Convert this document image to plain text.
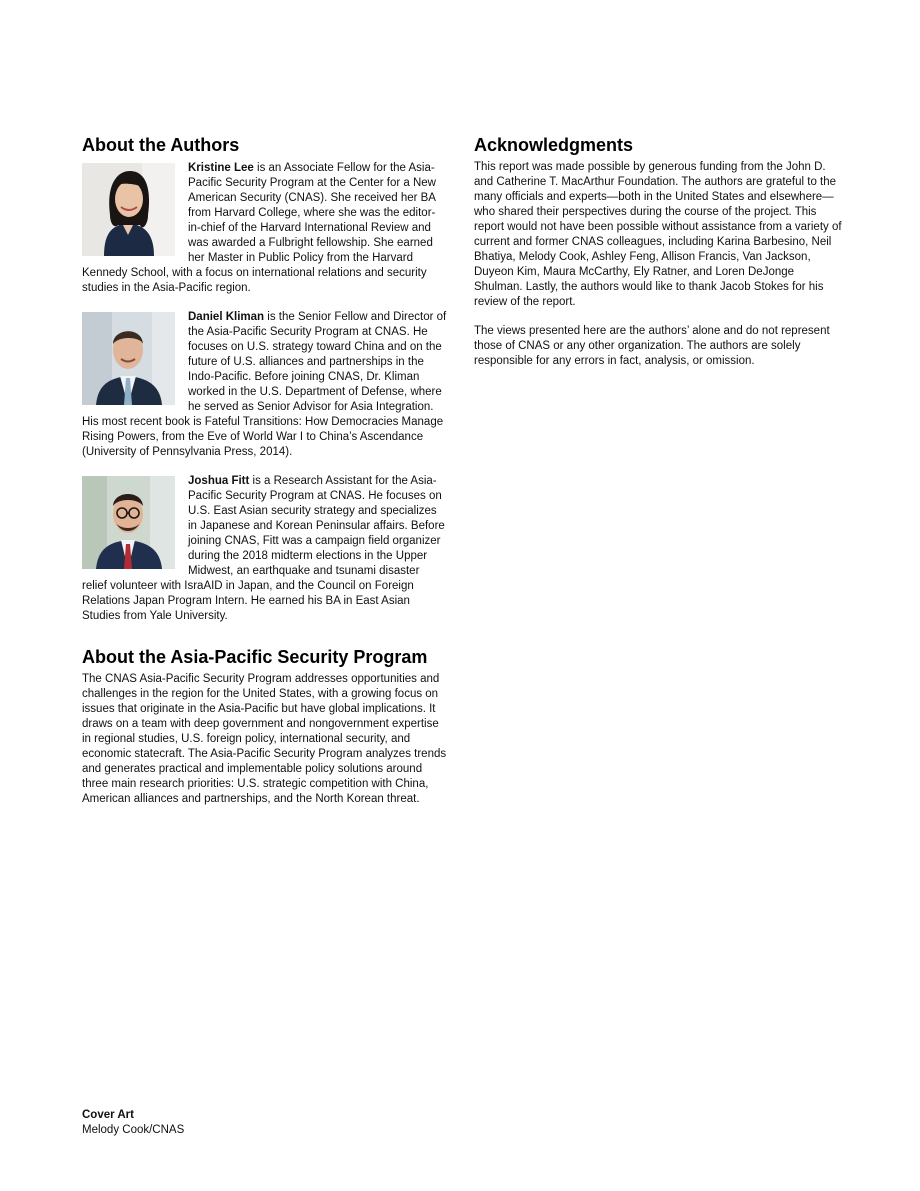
About the Authors

Kristine Lee is an Associate Fellow for the Asia-Pacific Security Program at the Center for a New American Security (CNAS). She received her BA from Harvard College, where she was the editor-in-chief of the Harvard International Review and was awarded a Fulbright fellowship. She earned her Master in Public Policy from the Harvard Kennedy School, with a focus on international relations and security studies in the Asia-Pacific region.

Daniel Kliman is the Senior Fellow and Director of the Asia-Pacific Security Program at CNAS. He focuses on U.S. strategy toward China and on the future of U.S. alliances and partnerships in the Indo-Pacific. Before joining CNAS, Dr. Kliman worked in the U.S. Department of Defense, where he served as Senior Advisor for Asia Integration. His most recent book is Fateful Transitions: How Democracies Manage Rising Powers, from the Eve of World War I to China’s Ascendance (University of Pennsylvania Press, 2014).

Joshua Fitt is a Research Assistant for the Asia-Pacific Security Program at CNAS. He focuses on U.S. East Asian security strategy and specializes in Japanese and Korean Peninsular affairs. Before joining CNAS, Fitt was a campaign field organizer during the 2018 midterm elections in the Upper Midwest, an earthquake and tsunami disaster relief volunteer with IsraAID in Japan, and the Council on Foreign Relations Japan Program Intern. He earned his BA in East Asian Studies from Yale University.

About the Asia-Pacific Security Program

The CNAS Asia-Pacific Security Program addresses opportunities and challenges in the region for the United States, with a growing focus on issues that originate in the Asia-Pacific but have global implications. It draws on a team with deep government and nongovernment expertise in regional studies, U.S. foreign policy, international security, and economic statecraft. The Asia-Pacific Security Program analyzes trends and generates practical and implementable policy solutions around three main research priorities: U.S. strategic competition with China, American alliances and partnerships, and the North Korean threat.

Acknowledgments

This report was made possible by generous funding from the John D. and Catherine T. MacArthur Foundation. The authors are grateful to the many officials and experts—both in the United States and elsewhere—who shared their perspectives during the course of the project. This report would not have been possible without assistance from a variety of current and former CNAS colleagues, including Karina Barbesino, Neil Bhatiya, Melody Cook, Ashley Feng, Allison Francis, Van Jackson, Duyeon Kim, Maura McCarthy, Ely Ratner, and Loren DeJonge Shulman. Lastly, the authors would like to thank Jacob Stokes for his review of the report.

The views presented here are the authors’ alone and do not represent those of CNAS or any other organization. The authors are solely responsible for any errors in fact, analysis, or omission.

Cover Art

Melody Cook/CNAS
